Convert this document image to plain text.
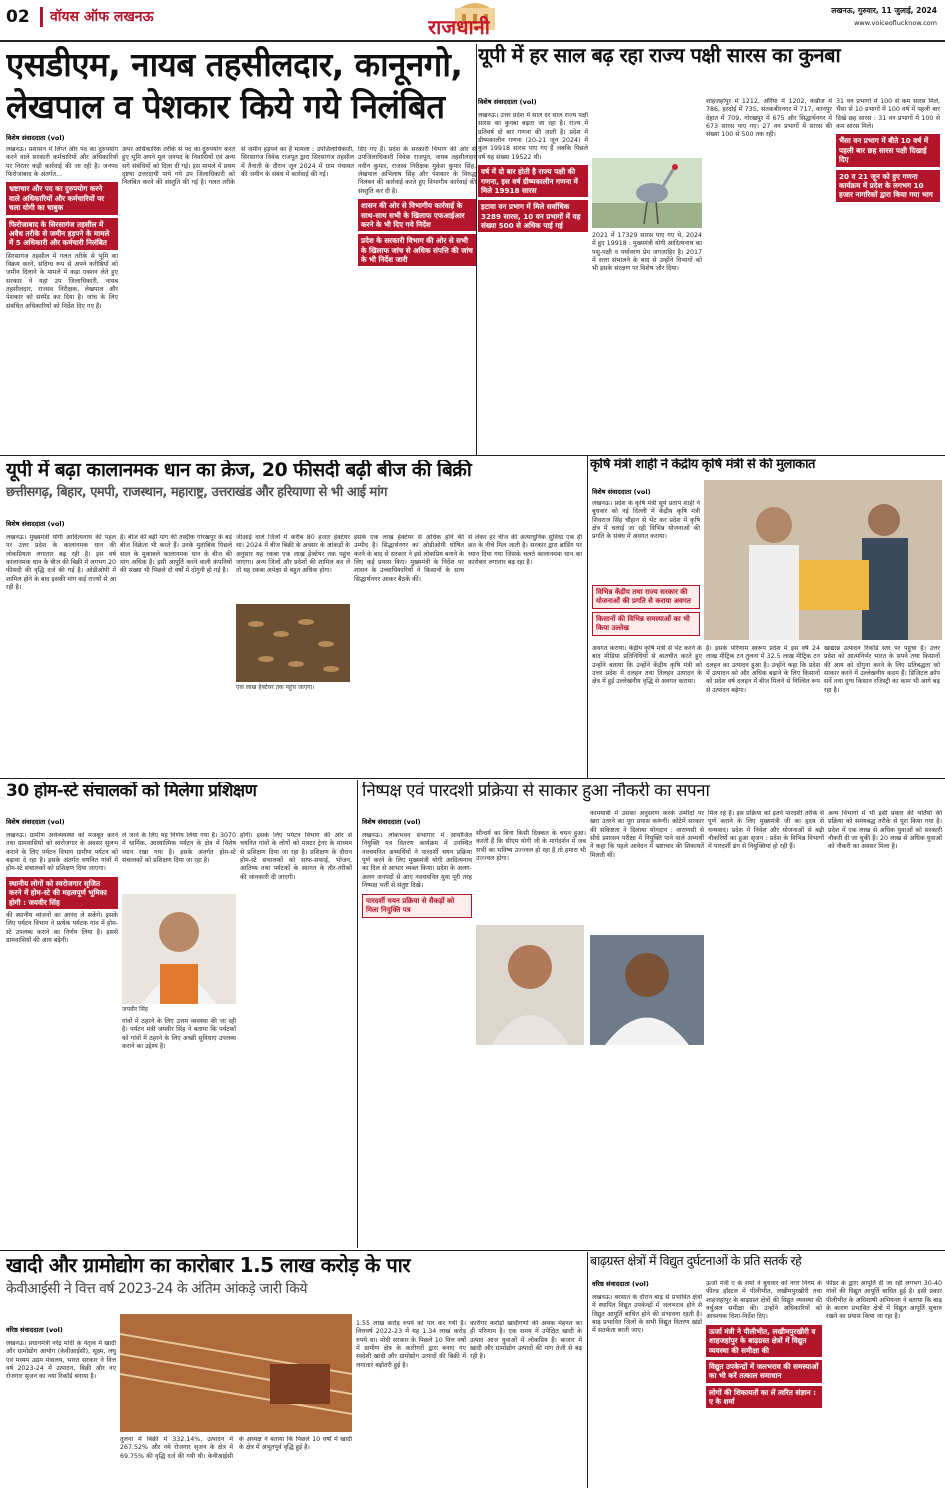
02 वॉयस ऑफ लखनऊ	राजधानी
लखनऊ, गुरुवार, 11 जुलाई, 2024
www.voiceoflucknow.com
एसडीएम, नायब तहसीलदार, कानूनगो,
लेखपाल व पेशकार किये गये निलंबित
विशेष संवाददाता (vol)
लखनऊ। प्रशासन में लिप्त और पद का दुरुपयोग करने वाले सरकारी कर्मचारियों और अधिकारियों पर निरंतर कड़ी कार्रवाई की जा रही है। जनपद फिरोजाबाद के अंतर्गत...
भ्रष्टाचार और पद का दुरुपयोग करने वाले अधिकारियों और कर्मचारियों पर चला योगी का चाबुक
फिरोजाबाद के सिरसागंज तहसील में अवैध तरीके से जमीन हड़पने के मामले में 5 अधिकारी और कर्मचारी निलंबित
सिरसागंज तहसील में गलत तरीके से भूमि का विक्रय करने, संदिग्ध रूप से अपने करीबियों को जमीन दिलाने के मामले में कड़ा एक्शन लेते हुए सरकार ने यहां उप जिलाधिकारी, नायब तहसीलदार, राजस्व निरीक्षक, लेखपाल और पेशकार को सस्पेंड कर दिया है। जांच के लिए संबंधित अधिकारियों को निर्देश दिए गए हैं।
अपर अधिकारिक तरीके से पद का दुरुपयोग करते हुए भूमि अपने मूल जनपद के निवासियों एवं अन्य सगे संबंधियों को दिला दी गई। इस मामले में प्रथम दृष्टया उत्तरदायी पाये गये उप जिलाधिकारी को निलंबित करने की संस्तुति की गई है। गलत तरीके से जमीन हड़पने का है मामला : उपजिलाधिकारी, सिरसागंज विवेक राजपूत द्वारा सिरसागंज तहसील में तैनाती के दौरान जून 2024 में ग्राम पंचायत की जमीन के संबंध में कार्रवाई की गई।
दिए गए हैं। प्रदेश के सरकारी विभाग की ओर से उपजिलाधिकारी विवेक राजपूत, नायब तहसीलदार नवीन कुमार, राजस्व निरीक्षक मुकेश कुमार सिंह, लेखपाल अभिलाष सिंह और पेशकार के विरुद्ध निलंबन की कार्रवाई करते हुए विभागीय कार्रवाई की संस्तुति कर दी है।
शासन की ओर से विभागीय कार्रवाई के साथ-साथ सभी के खिलाफ एफआईआर करने के भी दिए गये निर्देश
प्रदेश के सरकारी विभाग की ओर से सभी के खिलाफ जांच से अधिक संपत्ति की जांच के भी निर्देश जारी
यूपी में हर साल बढ़ रहा राज्य पक्षी सारस का कुनबा
विशेष संवाददाता (vol)
लखनऊ। उत्तर प्रदेश में साल दर साल राज्य पक्षी सारस का कुनबा बढ़ता जा रहा है। राज्य में प्रतिवर्ष दो बार गणना की जाती है। प्रदेश में ग्रीष्मकालीन गणना (20-21 जून 2024) में कुल 19918 सारस पाए गए हैं जबकि पिछले वर्ष यह संख्या 19522 थी।
वर्ष में दो बार होती है राज्य पक्षी की गणना, इस वर्ष ग्रीष्मकालीन गणना में मिले 19918 सारस
इटावा वन प्रभाग में मिले सर्वाधिक 3289 सारस, 10 वन प्रभागों में यह संख्या 500 से अधिक पाई गई
2021 में 17329 सारस पाए गए थे, 2024 में हुए 19918 : मुख्यमंत्री योगी आदित्यनाथ का पशु-पक्षी व पर्यावरण प्रेम जगजाहिर है। 2017 में सत्ता संभालने के बाद से उन्होंने विभागों को भी इसके संरक्षण पर विशेष जोर दिया।
शाहजहांपुर में 1212, औरैया में 1202, कन्नौज में 786, हरदोई में 735, संतकबीरनगर में 717, कानपुर देहात में 709, गोरखपुर में 675 और सिद्धार्थनगर में 673 सारस पाए गए। 27 वन प्रभागों में सारस की संख्या 100 से 500 तक रही।
31 वन प्रभागों में 100 से कम सारस मिले, भैंसा से 10 प्रभागों में 100 वर्ष में पहली बार दिखे छह सारस : 31 वन प्रभागों में 100 से कम सारस मिले।
भैंसा वन प्रभाग में बीते 10 वर्ष में पहली बार छह सारस पक्षी दिखाई दिए
20 व 21 जून को हुए गणना कार्यक्रम में प्रदेश के लगभग 10 हजार नागरिकों द्वारा किया गया भाग
यूपी में बढ़ा कालानमक धान का क्रेज, 20 फीसदी बढ़ी बीज की बिक्री
छत्तीसगढ़, बिहार, एमपी, राजस्थान, महाराष्ट्र, उत्तराखंड और हरियाणा से भी आई मांग
विशेष संवाददाता (vol)
लखनऊ। मुख्यमंत्री योगी आदित्यनाथ की पहल पर उत्तर प्रदेश के कालानमक धान की लोकप्रियता लगातार बढ़ रही है। इस वर्ष कालानमक धान के बीज की बिक्री में लगभग 20 फीसदी की वृद्धि दर्ज की गई है। ओडीओपी में शामिल होने के बाद इसकी मांग कई राज्यों से आ रही है।
है। बीज की बढ़ी मांग की तस्दीक गोरखपुर के बड़े बीज विक्रेता भी करते हैं। उनके मुताबिक पिछले साल के मुकाबले कालानमक धान के बीज की मांग अधिक है। इसी आपूर्ति करने वाली कंपनियों की संख्या भी पिछले दो वर्षों में दोगुनी हो गई है।
जीआई वाले जिलों में करीब 80 हजार हेक्टेयर था। 2024 में बीज बिक्री के अवसर के आंकड़ों के अनुसार यह रकबा एक लाख हेक्टेयर तक पहुंच जाएगा। अन्य जिलों और प्रदेशों की शामिल कर लें तो यह रकबा अपेक्षा से बहुत अधिक होगा।
एक लाख हेक्टेयर तक पहुंच जाएगा।
इसके एक लाख हेक्टेयर से अधिक होने की उम्मीद है। सिद्धार्थनगर का ओडीओपी घोषित करने के बाद से सरकार ने इसे लोकप्रिय बनाने के लिए कई प्रयास किए। मुख्यमंत्री के निर्देश पर शासन के उच्चाधिकारियों ने किसानों के साथ सिद्धार्थनगर आकर बैठकें कीं।
से लेकर हर चीज की अत्याधुनिक सुविधा एक ही छत के नीचे मिल जाती है। सरकार द्वारा ब्रांडिंग पर ध्यान दिया गया जिसके चलते कालानमक धान का कारोबार लगातार बढ़ रहा है।
कृषि मंत्री शाही ने केंद्रीय कृषि मंत्री से की मुलाकात
विशेष संवाददाता (vol)
लखनऊ। प्रदेश के कृषि मंत्री सूर्य प्रताप शाही ने बुधवार को नई दिल्ली में केंद्रीय कृषि मंत्री शिवराज सिंह चौहान से भेंट कर प्रदेश में कृषि क्षेत्र में चलाई जा रही विभिन्न योजनाओं की प्रगति के संबंध में अवगत कराया।
विभिन्न केंद्रीय तथा राज्य सरकार की योजनाओं की प्रगति से कराया अवगत
किसानों की विभिन्न समस्याओं का भी किया उल्लेख
अवगत कराया। केंद्रीय कृषि मंत्री से भेंट करने के बाद मीडिया प्रतिनिधियों से बातचीत करते हुए उन्होंने बताया कि उन्होंने केंद्रीय कृषि मंत्री को उत्तर प्रदेश में दलहन तथा तिलहन उत्पादन के क्षेत्र में हुई उल्लेखनीय वृद्धि से अवगत कराया।
है। इसके परिणाम स्वरूप प्रदेश में इस वर्ष 24 लाख मीट्रिक टन तुलना में 32.5 लाख मीट्रिक टन दलहन का उत्पादन हुआ है। उन्होंने कहा कि प्रदेश में उत्पादन को और अधिक बढ़ाने के लिए किसानों को प्रदेश वर्ष दलहन में बीज मिलने से निश्चित रूप से उत्पादन बढ़ेगा।
खाद्यान्न उत्पादन रिकॉर्ड स्तर पर पहुंचा है। उत्तर प्रदेश को आत्मनिर्भर भारत के सपने तथा किसानों की आय को दोगुना करने के लिए प्रतिबद्धता को साकार करने में उल्लेखनीय कदम हैं। डिजिटल क्रॉप सर्वे तथा दुग्ध किसान रजिस्ट्री का काम भी आगे बढ़ रहा है।
30 होम-स्टे संचालकों को मिलेगा प्रशिक्षण
विशेष संवाददाता (vol)
लखनऊ। ग्रामीण अर्थव्यवस्था को मजबूत करने तथा ग्रामवासियों को स्वरोजगार के अवसर सुलभ कराने के लिए पर्यटन विभाग ग्रामीण पर्यटन को बढ़ावा दे रहा है। इसके अंतर्गत चयनित गांवों में होम-स्टे संचालकों को प्रशिक्षण दिया जाएगा।
स्थानीय लोगों को स्वरोजगार सृजित करने में होम-स्टे की महत्वपूर्ण भूमिका होगी : जयवीर सिंह
की स्थानीय व्यंजनों का आनंद ले सकेंगे। इसके लिए पर्यटन विभाग ने प्रत्येक पर्यटक गांव में होम-स्टे उपलब्ध कराने का निर्णय लिया है। इससे ग्रामवासियों की आय बढ़ेगी।
ले जाने के लिए यह निर्णय लिया गया है। 3070 में धार्मिक, आध्यात्मिक पर्यटन के क्षेत्र में विशेष ध्यान रखा गया है। इसके अंतर्गत होम-स्टे संचालकों को प्रशिक्षण दिया जा रहा है।
जयवीर सिंह
गांवों में ठहरने के लिए उत्तम व्यवस्था की जा रही है। पर्यटन मंत्री जयवीर सिंह ने बताया कि पर्यटकों को गांवों में ठहरने के लिए अच्छी सुविधाएं उपलब्ध कराने का उद्देश्य है।
होगी। इसके लिए पर्यटन विभाग की ओर से चयनित गांवों के लोगों को मास्टर ट्रेनर के माध्यम से प्रशिक्षण दिया जा रहा है। प्रशिक्षण के दौरान होम-स्टे संचालकों को साफ-सफाई, भोजन, आतिथ्य तथा पर्यटकों के स्वागत के तौर-तरीकों की जानकारी दी जाएगी।
निष्पक्ष एवं पारदर्शी प्रक्रिया से साकार हुआ नौकरी का सपना
विशेष संवाददाता (vol)
लखनऊ। लोकभवन सभागार में आयोजित नियुक्ति पत्र वितरण कार्यक्रम में उपस्थित नवचयनित अभ्यर्थियों ने पारदर्शी चयन प्रक्रिया पूर्ण करने के लिए मुख्यमंत्री योगी आदित्यनाथ का दिल से आभार व्यक्त किया। प्रदेश के अलग-अलग जनपदों से आए नवचयनित युवा पूरी तरह निष्पक्ष भर्ती से संतुष्ट दिखे।
पारदर्शी चयन प्रक्रिया से सैकड़ों को मिला नियुक्ति पत्र
सौन्दर्य का बिना किसी दिक्कत के चयन हुआ। करती हैं कि सीएम योगी जी के मार्गदर्शन में जब सभी का भविष्य उज्ज्वल हो रहा है तो हमारा भी उज्ज्वल होगा।
कामयाबी में उसका अनुसरण करके उम्मीदों पर खरा उतरने का पूरा प्रयास करूंगी। कोटेमें सरकार की सकिष्टता ने दिलाया योगदान : वाराणसी से सीधे प्रशासन परीक्षा में नियुक्ति पाने वाले अभ्यर्थी ने कहा कि पहले आवेदन में भ्रष्टाचार की शिकायतें मिलती थीं।
मिल रहे हैं। इस प्रक्रिया को इतने पारदर्शी तरीके से पूर्ण कराने के लिए मुख्यमंत्री जी का हृदय से धन्यवाद। प्रदेश में निवेश और योजनाओं से बढ़ी नौकरियों का हुआ सृजन : प्रदेश के विभिन्न विभागों में पारदर्शी ढंग से नियुक्तियां हो रही हैं।
अन्य विभागों में भी इसी प्रकार की भर्तियों की प्रक्रिया को समयबद्ध तरीके से पूरा किया गया है। प्रदेश में एक लाख से अधिक युवाओं को सरकारी नौकरी दी जा चुकी है। 20 लाख से अधिक युवाओं को नौकरी का अवसर मिला है।
खादी और ग्रामोद्योग का कारोबार 1.5 लाख करोड़ के पार
केवीआईसी ने वित्त वर्ष 2023-24 के अंतिम आंकड़े जारी किये
वरिष्ठ संवाददाता (vol)
लखनऊ। प्रधानमंत्री नरेंद्र मोदी के नेतृत्व में खादी और ग्रामोद्योग आयोग (केवीआईसी), सूक्ष्म, लघु एवं मध्यम उद्यम मंत्रालय, भारत सरकार ने वित्त वर्ष 2023-24 में उत्पादन, बिक्री और नए रोजगार सृजन का नया रिकॉर्ड बनाया है।
तुलना में बिक्री में 332.14%, उत्पादन में 267.52% और नये रोजगार सृजन के क्षेत्र में 69.75% की वृद्धि दर्ज की गयी थी। केवीआईसी के अध्यक्ष ने बताया कि पिछले 10 वर्षों में खादी के क्षेत्र में अभूतपूर्व वृद्धि हुई है।
1.55 लाख करोड़ रुपये को पार कर गयी है। वित्तवर्ष 2022-23 में यह 1.34 लाख करोड़ रुपये था। मोदी सरकार के पिछले 10 वित्त वर्षों में ग्रामीण क्षेत्र के कारीगरों द्वारा बनाए गए स्वदेशी खादी और ग्रामोद्योग उत्पादों की बिक्री में लगातार बढ़ोतरी हुई है।
कारीगर करोड़ों खादीगणों की अथक मेहनत का ही परिणाम है। एक समय में उपेक्षित खादी के उत्पाद आज युवाओं में लोकप्रिय हैं। बाजार में खादी और ग्रामोद्योग उत्पादों की मांग तेजी से बढ़ रही है।
बाढ़ग्रस्त क्षेत्रों में विद्युत दुर्घटनाओं के प्रति सतर्क रहे
वरिष्ठ संवाददाता (vol)
लखनऊ। बरसात के दौरान बाढ़ से प्रभावित क्षेत्रों में स्थापित विद्युत उपकेन्द्रों में जलभराव होने से विद्युत आपूर्ति बाधित होने की संभावना रहती है। बाढ़ प्रभावित जिलों के सभी विद्युत वितरण खंडों में सतर्कता बरती जाए।
ऊर्जा मंत्री ए के शर्मा ने बुधवार को नगर निगम के फील्ड हॉस्टल में पीलीभीत, लखीमपुरखीरी तथा शाहजहांपुर के बाढ़ग्रस्त क्षेत्रों की विद्युत व्यवस्था की वर्चुअल समीक्षा की। उन्होंने अधिकारियों को आवश्यक दिशा-निर्देश दिए।
ऊर्जा मंत्री ने पीलीभीत, लखीमपुरखीरी व शाहजहांपुर के बाढ़ग्रस्त क्षेत्रों में विद्युत व्यवस्था की समीक्षा की
विद्युत उपकेन्द्रों में जलभराव की समस्याओं का भी करें तत्काल समाधान
लोगों की शिकायतों का लें त्वरित संज्ञान : ए के शर्मा
फीडर के द्वारा आपूर्ति दी जा रही लगभग 30-40 गांवों की विद्युत आपूर्ति बाधित हुई है। इसी प्रकार पीलीभीत के अधिशाषी अभियन्ता ने बताया कि बाढ़ के कारण प्रभावित क्षेत्रों में विद्युत आपूर्ति सुचारु रखने का प्रयास किया जा रहा है।
